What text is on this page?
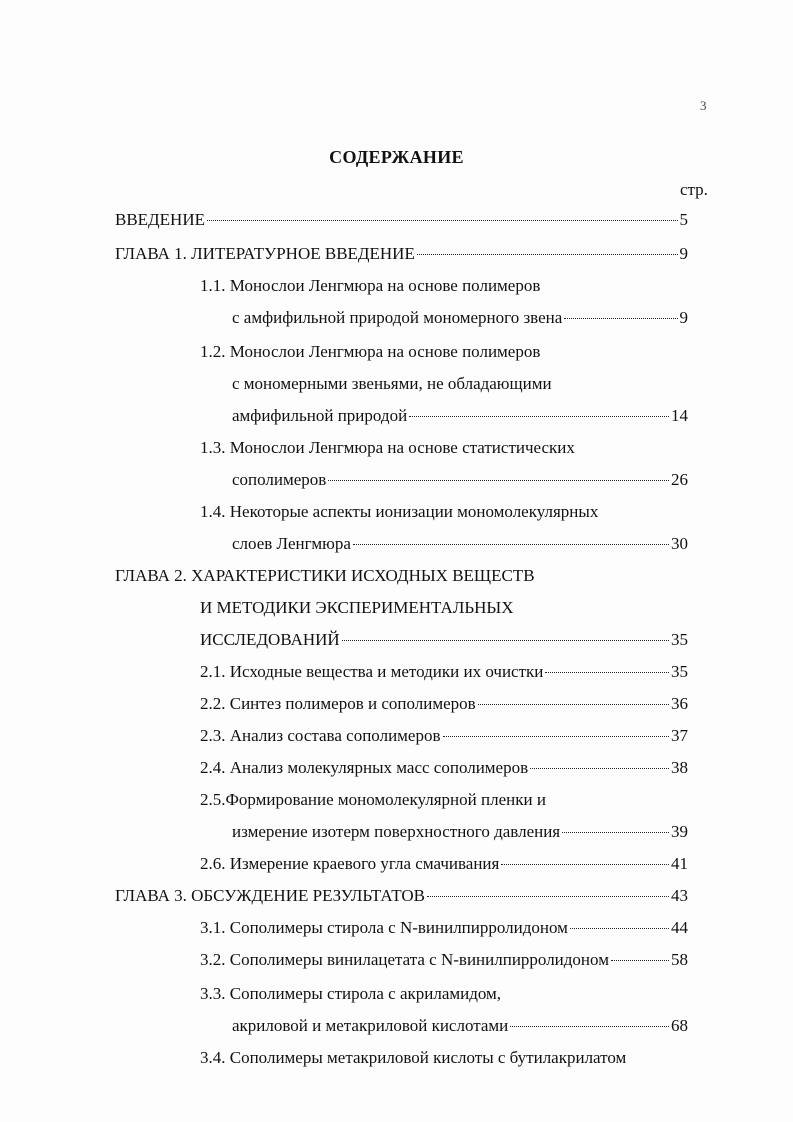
3
СОДЕРЖАНИЕ
стр.
ВВЕДЕНИЕ	5
ГЛАВА 1. ЛИТЕРАТУРНОЕ ВВЕДЕНИЕ	9
1.1. Монослои Ленгмюра на основе полимеров
с амфифильной природой мономерного звена	9
1.2. Монослои Ленгмюра на основе полимеров
с мономерными звеньями, не обладающими
амфифильной природой	14
1.3. Монослои Ленгмюра на основе статистических
сополимеров	26
1.4. Некоторые аспекты ионизации мономолекулярных
слоев Ленгмюра	30
ГЛАВА 2. ХАРАКТЕРИСТИКИ ИСХОДНЫХ ВЕЩЕСТВ
И МЕТОДИКИ ЭКСПЕРИМЕНТАЛЬНЫХ
ИССЛЕДОВАНИЙ	35
2.1. Исходные вещества и методики их очистки	35
2.2. Синтез полимеров и сополимеров	36
2.3. Анализ состава сополимеров	37
2.4. Анализ молекулярных масс сополимеров	38
2.5.Формирование мономолекулярной пленки и
измерение изотерм поверхностного давления	39
2.6. Измерение краевого угла смачивания	41
ГЛАВА 3. ОБСУЖДЕНИЕ РЕЗУЛЬТАТОВ	43
3.1. Сополимеры стирола с N-винилпирролидоном	44
3.2. Сополимеры винилацетата с N-винилпирролидоном	58
3.3. Сополимеры стирола с акриламидом,
акриловой и метакриловой кислотами	68
3.4. Сополимеры метакриловой кислоты с бутилакрилатом
